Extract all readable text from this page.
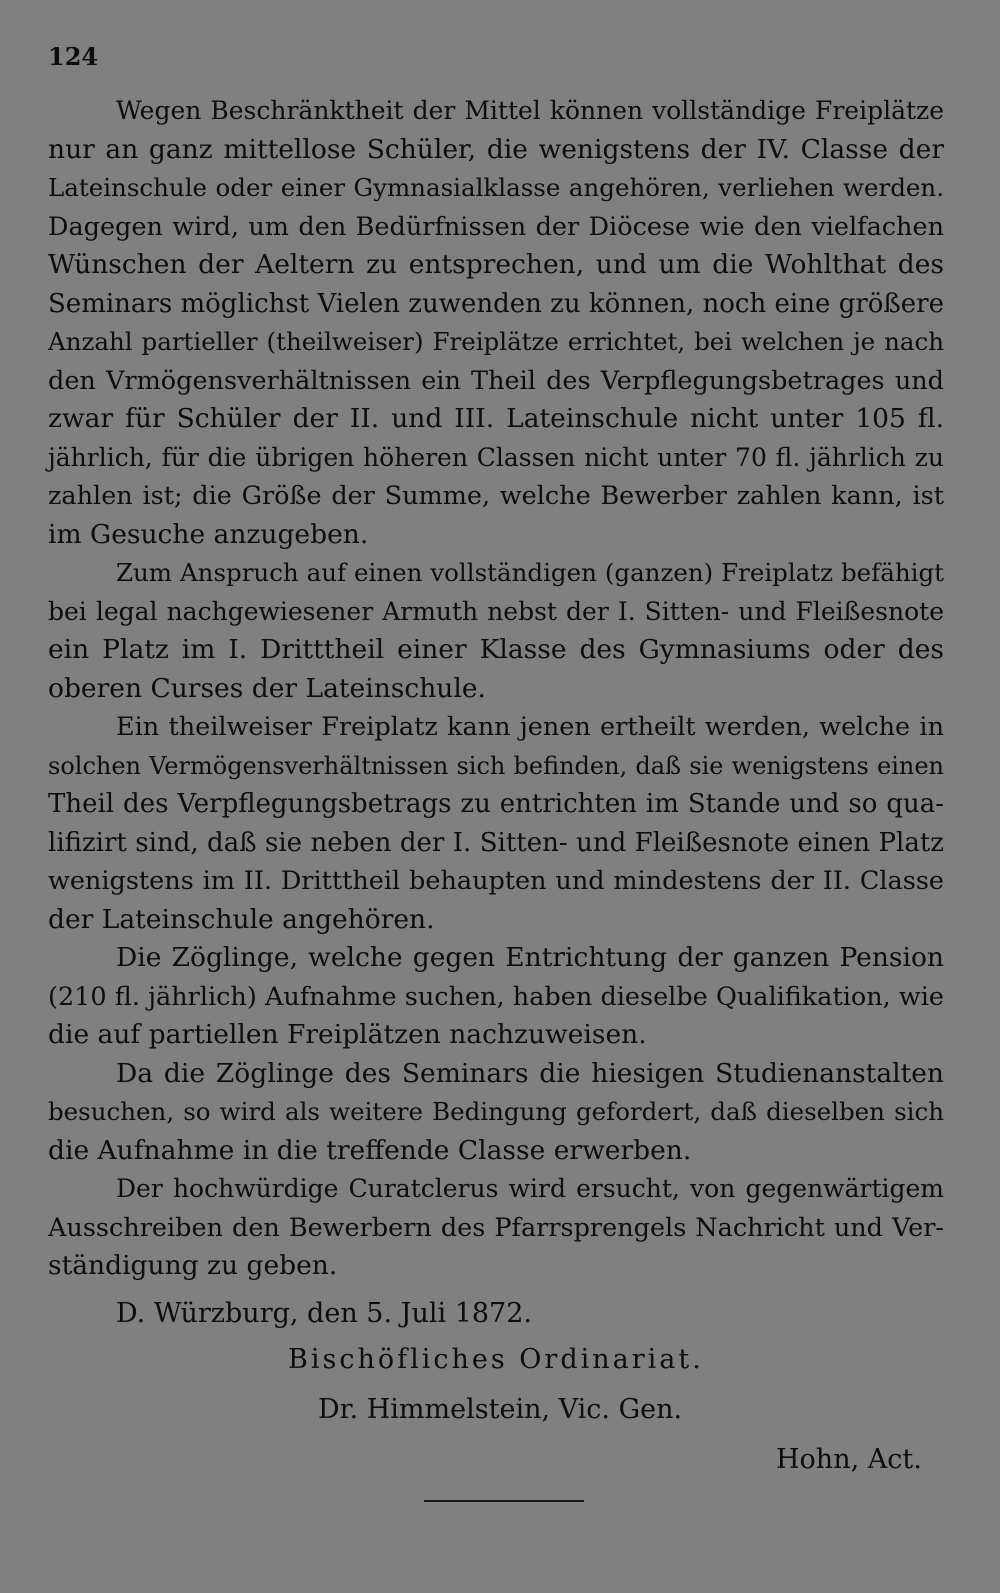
124
Wegen Beschränktheit der Mittel können vollständige Freiplätze
nur an ganz mittellose Schüler, die wenigstens der IV. Classe der
Lateinschule oder einer Gymnasialklasse angehören, verliehen werden.
Dagegen wird, um den Bedürfnissen der Diöcese wie den vielfachen
Wünschen der Aeltern zu entsprechen, und um die Wohlthat des
Seminars möglichst Vielen zuwenden zu können, noch eine größere
Anzahl partieller (theilweiser) Freiplätze errichtet, bei welchen je nach
den Vrmögensverhältnissen ein Theil des Verpflegungsbetrages und
zwar für Schüler der II. und III. Lateinschule nicht unter 105 fl.
jährlich, für die übrigen höheren Classen nicht unter 70 fl. jährlich zu
zahlen ist; die Größe der Summe, welche Bewerber zahlen kann, ist
im Gesuche anzugeben.
Zum Anspruch auf einen vollständigen (ganzen) Freiplatz befähigt
bei legal nachgewiesener Armuth nebst der I. Sitten- und Fleißesnote
ein Platz im I. Dritttheil einer Klasse des Gymnasiums oder des
oberen Curses der Lateinschule.
Ein theilweiser Freiplatz kann jenen ertheilt werden, welche in
solchen Vermögensverhältnissen sich befinden, daß sie wenigstens einen
Theil des Verpflegungsbetrags zu entrichten im Stande und so qua-
lifizirt sind, daß sie neben der I. Sitten- und Fleißesnote einen Platz
wenigstens im II. Dritttheil behaupten und mindestens der II. Classe
der Lateinschule angehören.
Die Zöglinge, welche gegen Entrichtung der ganzen Pension
(210 fl. jährlich) Aufnahme suchen, haben dieselbe Qualifikation, wie
die auf partiellen Freiplätzen nachzuweisen.
Da die Zöglinge des Seminars die hiesigen Studienanstalten
besuchen, so wird als weitere Bedingung gefordert, daß dieselben sich
die Aufnahme in die treffende Classe erwerben.
Der hochwürdige Curatclerus wird ersucht, von gegenwärtigem
Ausschreiben den Bewerbern des Pfarrsprengels Nachricht und Ver-
ständigung zu geben.
D. Würzburg, den 5. Juli 1872.
Bischöfliches Ordinariat.
Dr. Himmelstein, Vic. Gen.
Hohn, Act.
